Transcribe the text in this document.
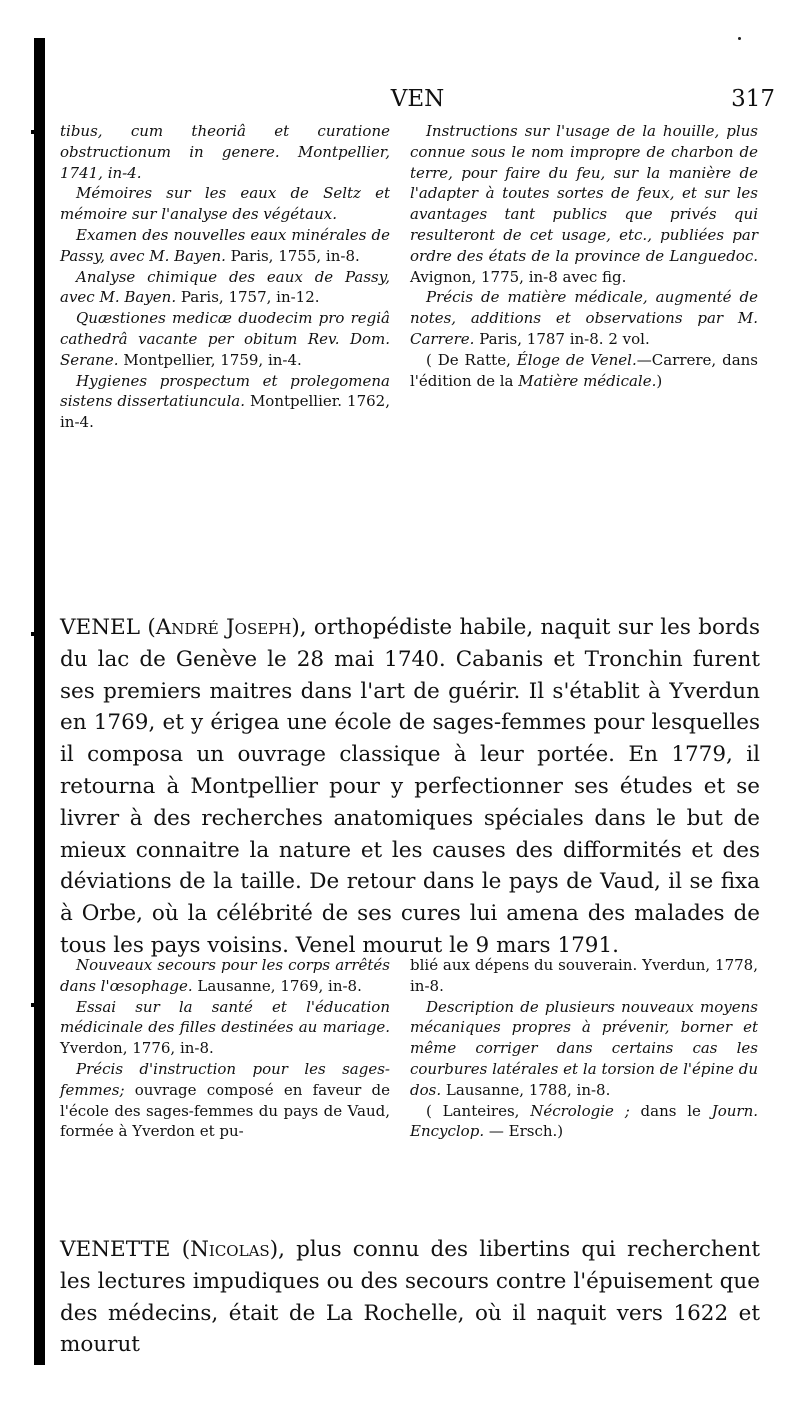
VEN	317

tibus, cum theoriâ et curatione obstructionum in genere. Montpellier, 1741, in-4.

Mémoires sur les eaux de Seltz et mémoire sur l'analyse des végétaux.

Examen des nouvelles eaux minérales de Passy, avec M. Bayen. Paris, 1755, in-8.

Analyse chimique des eaux de Passy, avec M. Bayen. Paris, 1757, in-12.

Quæstiones medicæ duodecim pro regiâ cathedrâ vacante per obitum Rev. Dom. Serane. Montpellier, 1759, in-4.

Hygienes prospectum et prolegomena sistens dissertatiuncula. Montpellier. 1762, in-4.

Instructions sur l'usage de la houille, plus connue sous le nom impropre de charbon de terre, pour faire du feu, sur la manière de l'adapter à toutes sortes de feux, et sur les avantages tant publics que privés qui resulteront de cet usage, etc., publiées par ordre des états de la province de Languedoc. Avignon, 1775, in-8 avec fig.

Précis de matière médicale, augmenté de notes, additions et observations par M. Carrere. Paris, 1787 in-8. 2 vol.

( De Ratte, Éloge de Venel.—Carrere, dans l'édition de la Matière médicale.)

VENEL (André Joseph), orthopédiste habile, naquit sur les bords du lac de Genève le 28 mai 1740. Cabanis et Tronchin furent ses premiers maitres dans l'art de guérir. Il s'établit à Yverdun en 1769, et y érigea une école de sages-femmes pour lesquelles il composa un ouvrage classique à leur portée. En 1779, il retourna à Montpellier pour y perfectionner ses études et se livrer à des recherches anatomiques spéciales dans le but de mieux connaitre la nature et les causes des difformités et des déviations de la taille. De retour dans le pays de Vaud, il se fixa à Orbe, où la célébrité de ses cures lui amena des malades de tous les pays voisins. Venel mourut le 9 mars 1791.

Nouveaux secours pour les corps arrêtés dans l'œsophage. Lausanne, 1769, in-8.

Essai sur la santé et l'éducation médicinale des filles destinées au mariage. Yverdon, 1776, in-8.

Précis d'instruction pour les sages-femmes; ouvrage composé en faveur de l'école des sages-femmes du pays de Vaud, formée à Yverdon et pu-

blié aux dépens du souverain. Yverdun, 1778, in-8.

Description de plusieurs nouveaux moyens mécaniques propres à prévenir, borner et même corriger dans certains cas les courbures latérales et la torsion de l'épine du dos. Lausanne, 1788, in-8.

( Lanteires, Nécrologie ; dans le Journ. Encyclop. — Ersch.)

VENETTE (Nicolas), plus connu des libertins qui recherchent les lectures impudiques ou des secours contre l'épuisement que des médecins, était de La Rochelle, où il naquit vers 1622 et mourut
